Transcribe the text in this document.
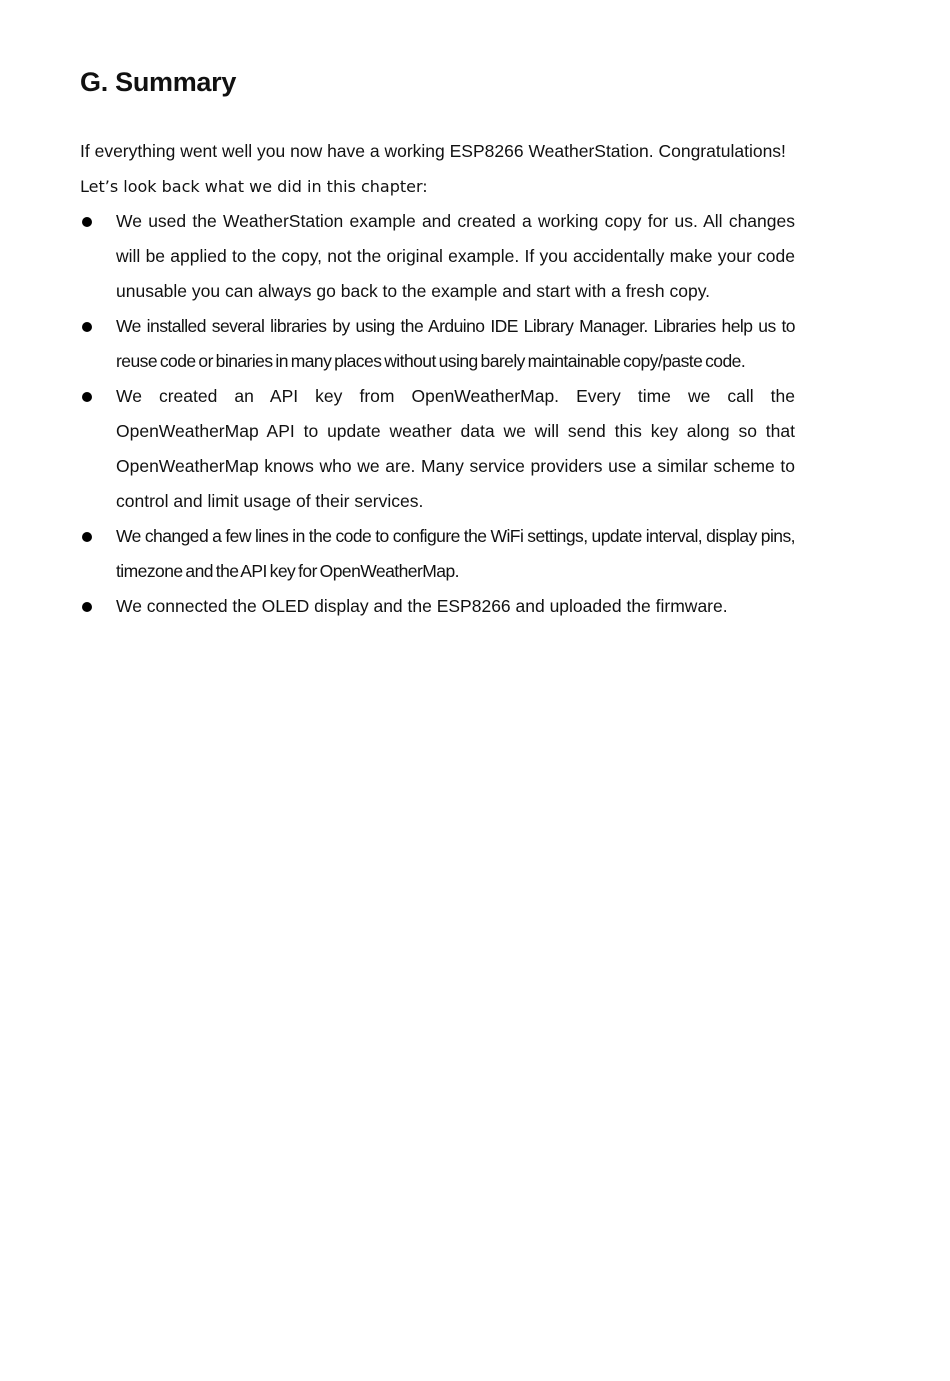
G. Summary

If everything went well you now have a working ESP8266 WeatherStation. Congratulations!

Let’s look back what we did in this chapter:

We used the WeatherStation example and created a working copy for us. All changes will be applied to the copy, not the original example. If you accidentally make your code unusable you can always go back to the example and start with a fresh copy.
We installed several libraries by using the Arduino IDE Library Manager. Libraries help us to reuse code or binaries in many places without using barely maintainable copy/paste code.
We created an API key from OpenWeatherMap. Every time we call the OpenWeatherMap API to update weather data we will send this key along so that OpenWeatherMap knows who we are. Many service providers use a similar scheme to control and limit usage of their services.
We changed a few lines in the code to configure the WiFi settings, update interval, display pins, timezone and the API key for OpenWeatherMap.
We connected the OLED display and the ESP8266 and uploaded the firmware.
